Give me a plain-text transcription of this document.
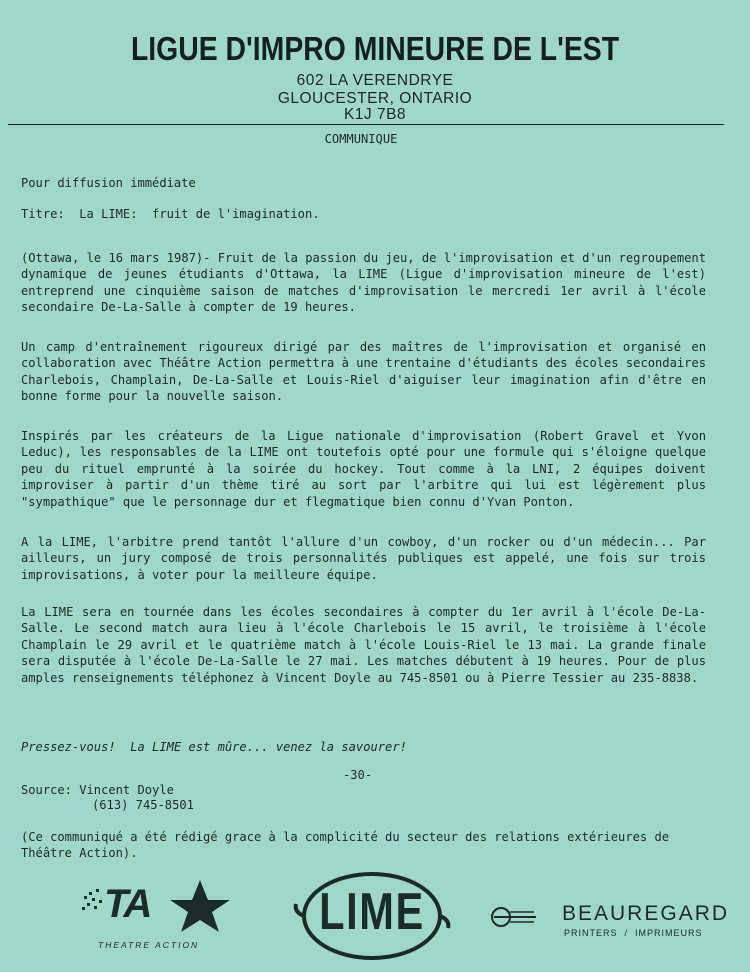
LIGUE D'IMPRO MINEURE DE L'EST
602 LA VERENDRYE
GLOUCESTER, ONTARIO
K1J 7B8
COMMUNIQUE
Pour diffusion immédiate
Titre:  La LIME:  fruit de l'imagination.
(Ottawa, le 16 mars 1987)- Fruit de la passion du jeu, de l'improvisation et d'un regroupement dynamique de jeunes étudiants d'Ottawa, la LIME (Ligue d'improvisation mineure de l'est) entreprend une cinquième saison de matches d'improvisation le mercredi 1er avril à l'école secondaire De-La-Salle à compter de 19 heures.
Un camp d'entraînement rigoureux dirigé par des maîtres de l'improvisation et organisé en collaboration avec Théâtre Action permettra à une trentaine d'étudiants des écoles secondaires Charlebois, Champlain, De-La-Salle et Louis-Riel d'aiguiser leur imagination afin d'être en bonne forme pour la nouvelle saison.
Inspirés par les créateurs de la Ligue nationale d'improvisation (Robert Gravel et Yvon Leduc), les responsables de la LIME ont toutefois opté pour une formule qui s'éloigne quelque peu du rituel emprunté à la soirée du hockey. Tout comme à la LNI, 2 équipes doivent improviser à partir d'un thème tiré au sort par l'arbitre qui lui est légèrement plus "sympathique" que le personnage dur et flegmatique bien connu d'Yvan Ponton.
A la LIME, l'arbitre prend tantôt l'allure d'un cowboy, d'un rocker ou d'un médecin... Par ailleurs, un jury composé de trois personnalités publiques est appelé, une fois sur trois improvisations, à voter pour la meilleure équipe.
La LIME sera en tournée dans les écoles secondaires à compter du 1er avril à l'école De-La-Salle. Le second match aura lieu à l'école Charlebois le 15 avril, le troisième à l'école Champlain le 29 avril et le quatrième match à l'école Louis-Riel le 13 mai. La grande finale sera disputée à l'école De-La-Salle le 27 mai. Les matches débutent à 19 heures. Pour de plus amples renseignements téléphonez à Vincent Doyle au 745-8501 ou à Pierre Tessier au 235-8838.
Pressez-vous!  La LIME est mûre... venez la savourer!
-30-
Source: Vincent Doyle
(613) 745-8501
(Ce communiqué a été rédigé grace à la complicité du secteur des relations extérieures de Théâtre Action).
TA
THEATRE ACTION
LIME	BEAUREGARD
PRINTERS  /  IMPRIMEURS
